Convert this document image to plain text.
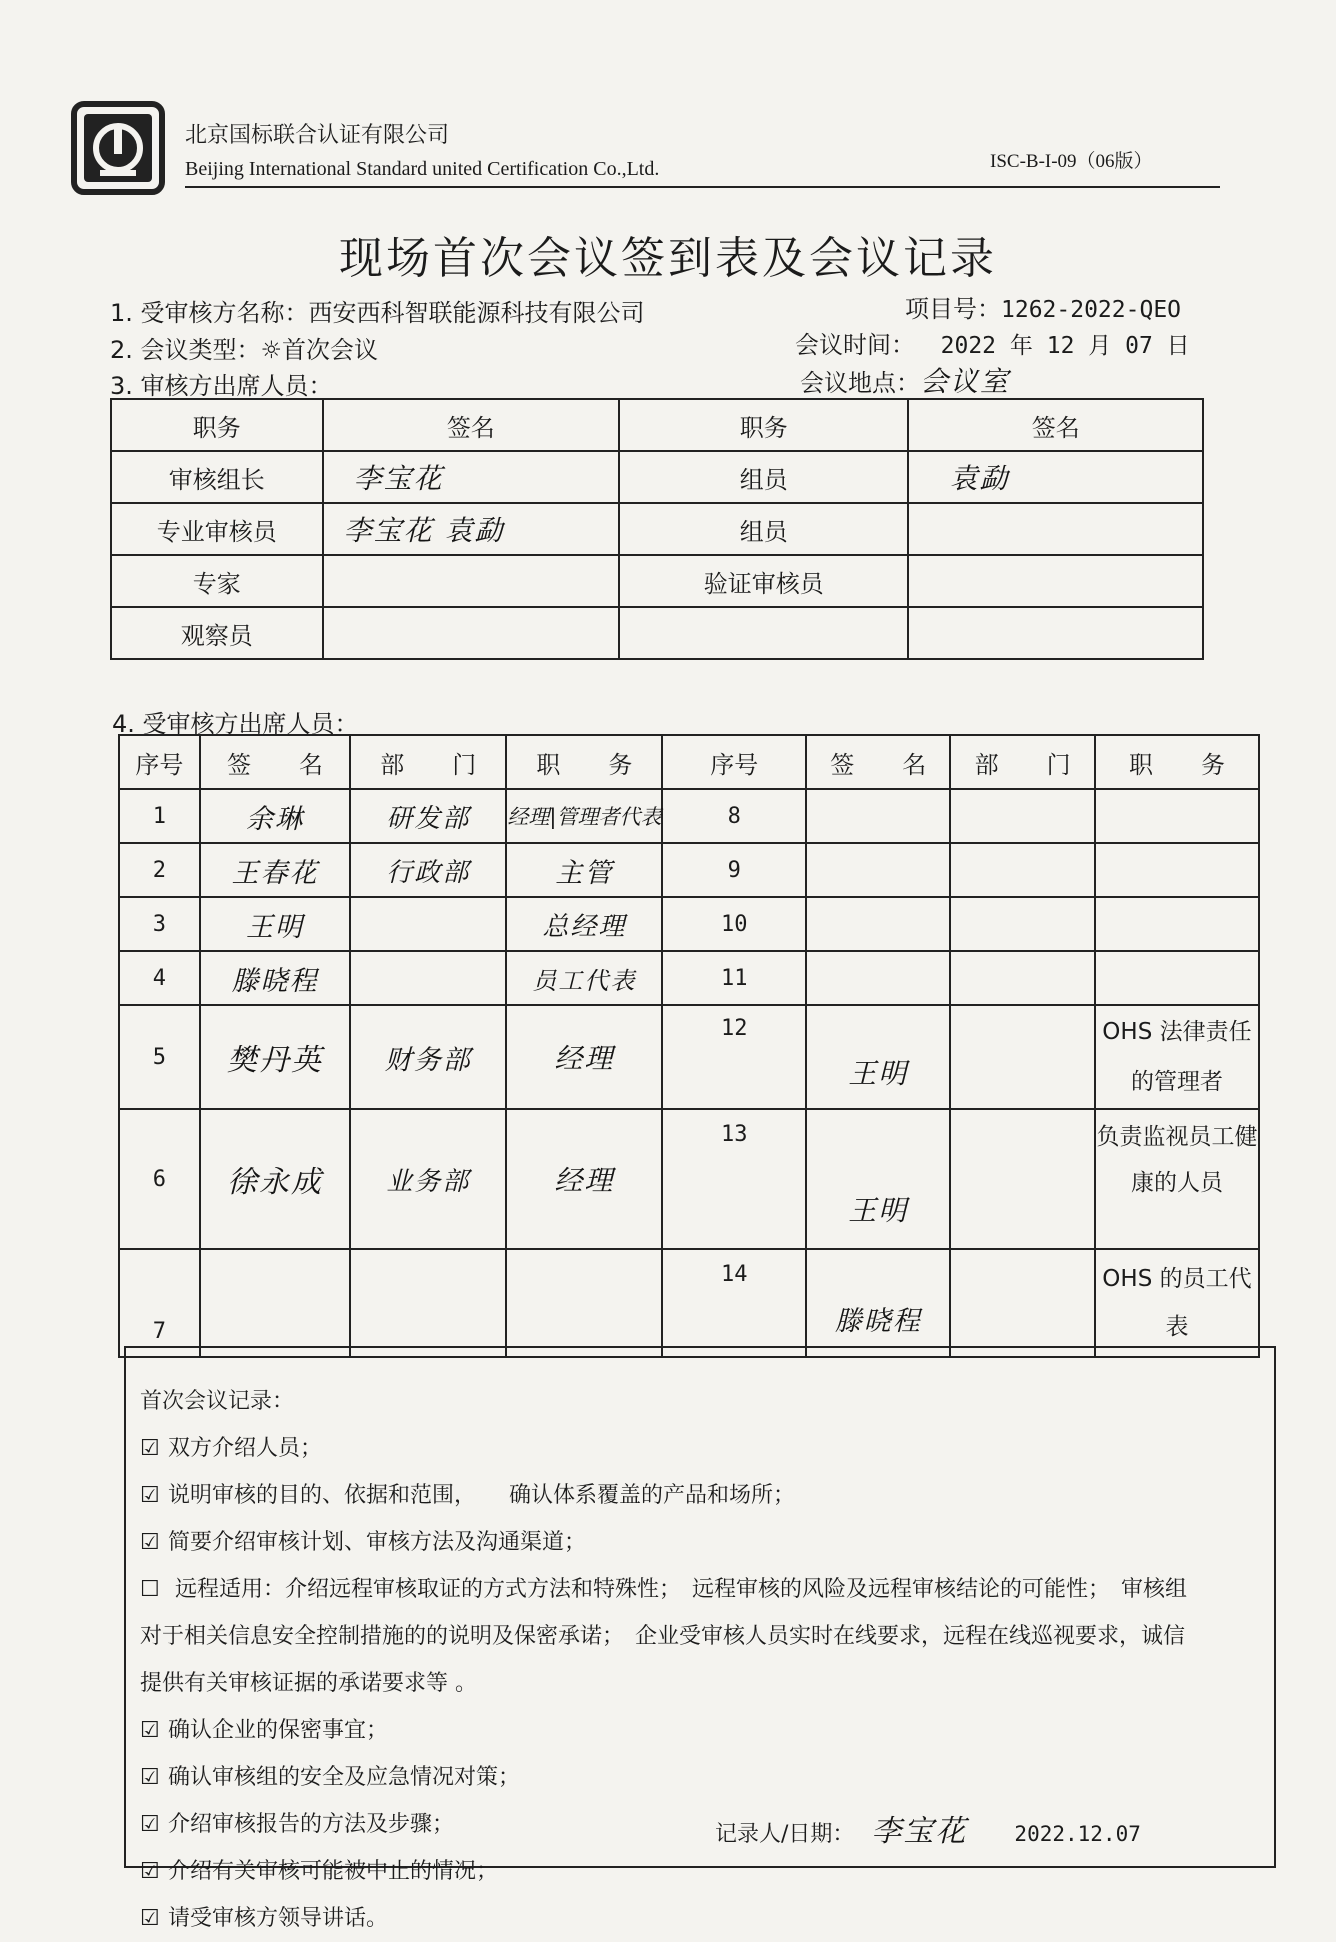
北京国标联合认证有限公司
Beijing International Standard united Certification Co.,Ltd.	ISC-B-I-09（06版）
现场首次会议签到表及会议记录
1. 受审核方名称：西安西科智联能源科技有限公司	项目号：1262-2022-QEO
2. 会议类型：☼首次会议	会议时间： 2022 年 12 月 07 日
3. 审核方出席人员：	会议地点：会议室
职务	签名	职务	签名
审核组长	李宝花	组员	袁勐
专业审核员	李宝花 袁勐	组员	
专家		验证审核员	
观察员			
4. 受审核方出席人员：
序号	签　　名	部　　门	职　　务	序号	签　　名	部　　门	职　　务
1	余琳	研发部	经理|管理者代表	8			
2	王春花	行政部	主管	9			
3	王明		总经理	10			
4	滕晓程		员工代表	11			
5	樊丹英	财务部	经理	12	王明		OHS 法律责任的管理者
6	徐永成	业务部	经理	13	王明		负责监视员工健康的人员
7				14	滕晓程		OHS 的员工代表
首次会议记录：
☑ 双方介绍人员；
☑ 说明审核的目的、依据和范围，　　确认体系覆盖的产品和场所；
☑ 简要介绍审核计划、审核方法及沟通渠道；
☐ 远程适用：介绍远程审核取证的方式方法和特殊性；　远程审核的风险及远程审核结论的可能性；　审核组
对于相关信息安全控制措施的的说明及保密承诺；　企业受审核人员实时在线要求，远程在线巡视要求，诚信
提供有关审核证据的承诺要求等 。
☑ 确认企业的保密事宜；
☑ 确认审核组的安全及应急情况对策；
☑ 介绍审核报告的方法及步骤；
☑ 介绍有关审核可能被中止的情况；
☑ 请受审核方领导讲话。
记录人/日期： 李宝花 2022.12.07
